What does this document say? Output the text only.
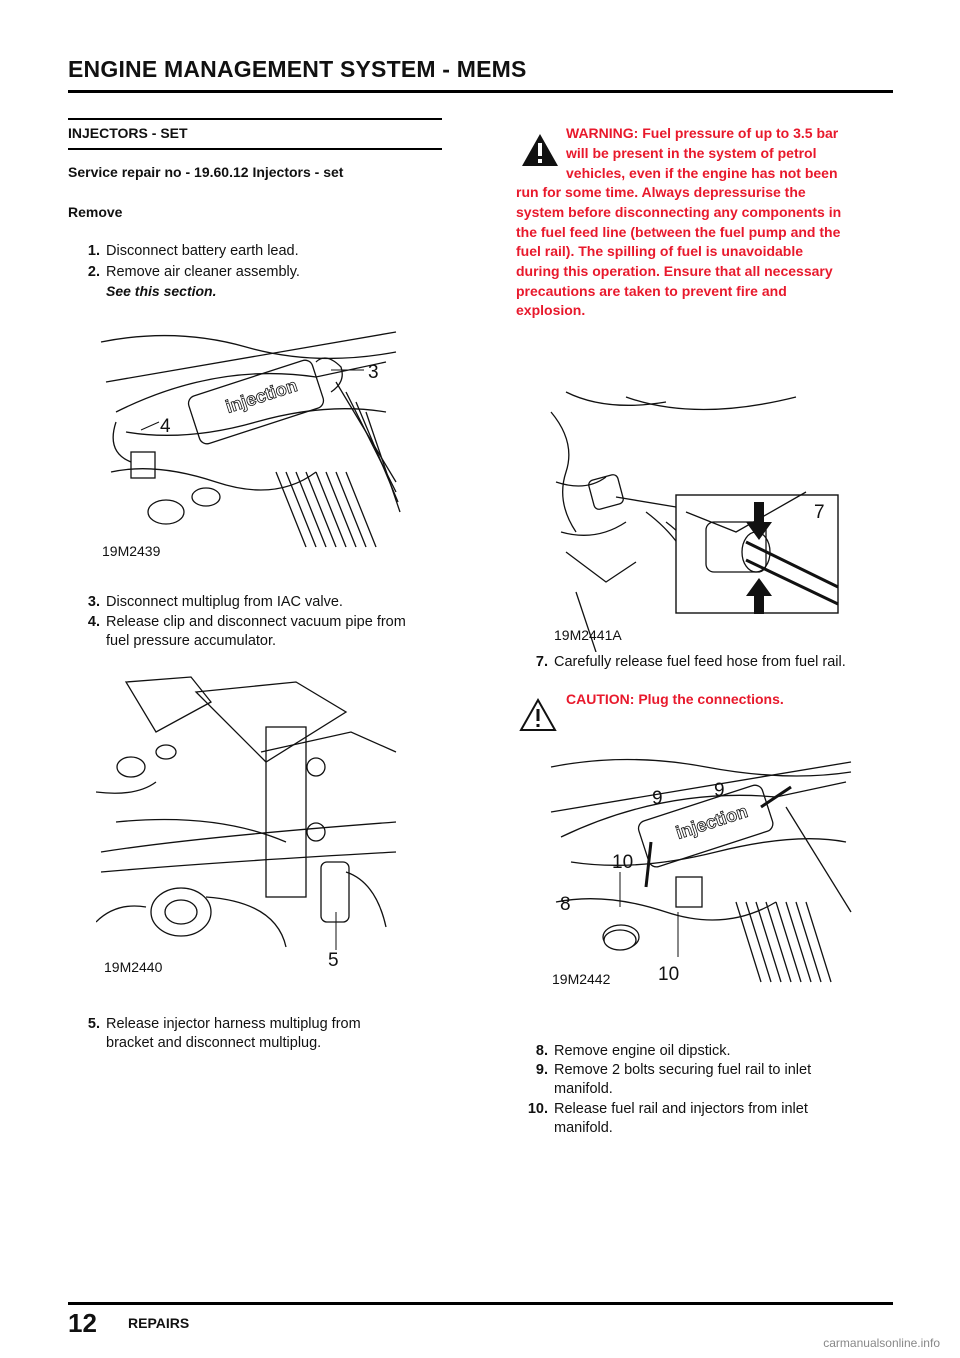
ENGINE MANAGEMENT SYSTEM - MEMS
INJECTORS - SET
Service repair no - 19.60.12 Injectors - set
Remove
1. Disconnect battery earth lead.
2. Remove air cleaner assembly.
See this section.
injection
3
4
19M2439
3. Disconnect multiplug from IAC valve.
4. Release clip and disconnect vacuum pipe from
fuel pressure accumulator.
5
19M2440
5. Release injector harness multiplug from
bracket and disconnect multiplug.
WARNING: Fuel pressure of up to 3.5 bar
will be present in the system of petrol
vehicles, even if the engine has not been
run for some time. Always depressurise the
system before disconnecting any components in
the fuel feed line (between the fuel pump and the
fuel rail). The spilling of fuel is unavoidable
during this operation. Ensure that all necessary
precautions are taken to prevent fire and
explosion.
7
19M2441A
7. Carefully release fuel feed hose from fuel rail.
CAUTION: Plug the connections.
injection
9	9
10
8
10
19M2442
8. Remove engine oil dipstick.
9. Remove 2 bolts securing fuel rail to inlet
manifold.
10. Release fuel rail and injectors from inlet
manifold.
12 REPAIRS
carmanualsonline.info
